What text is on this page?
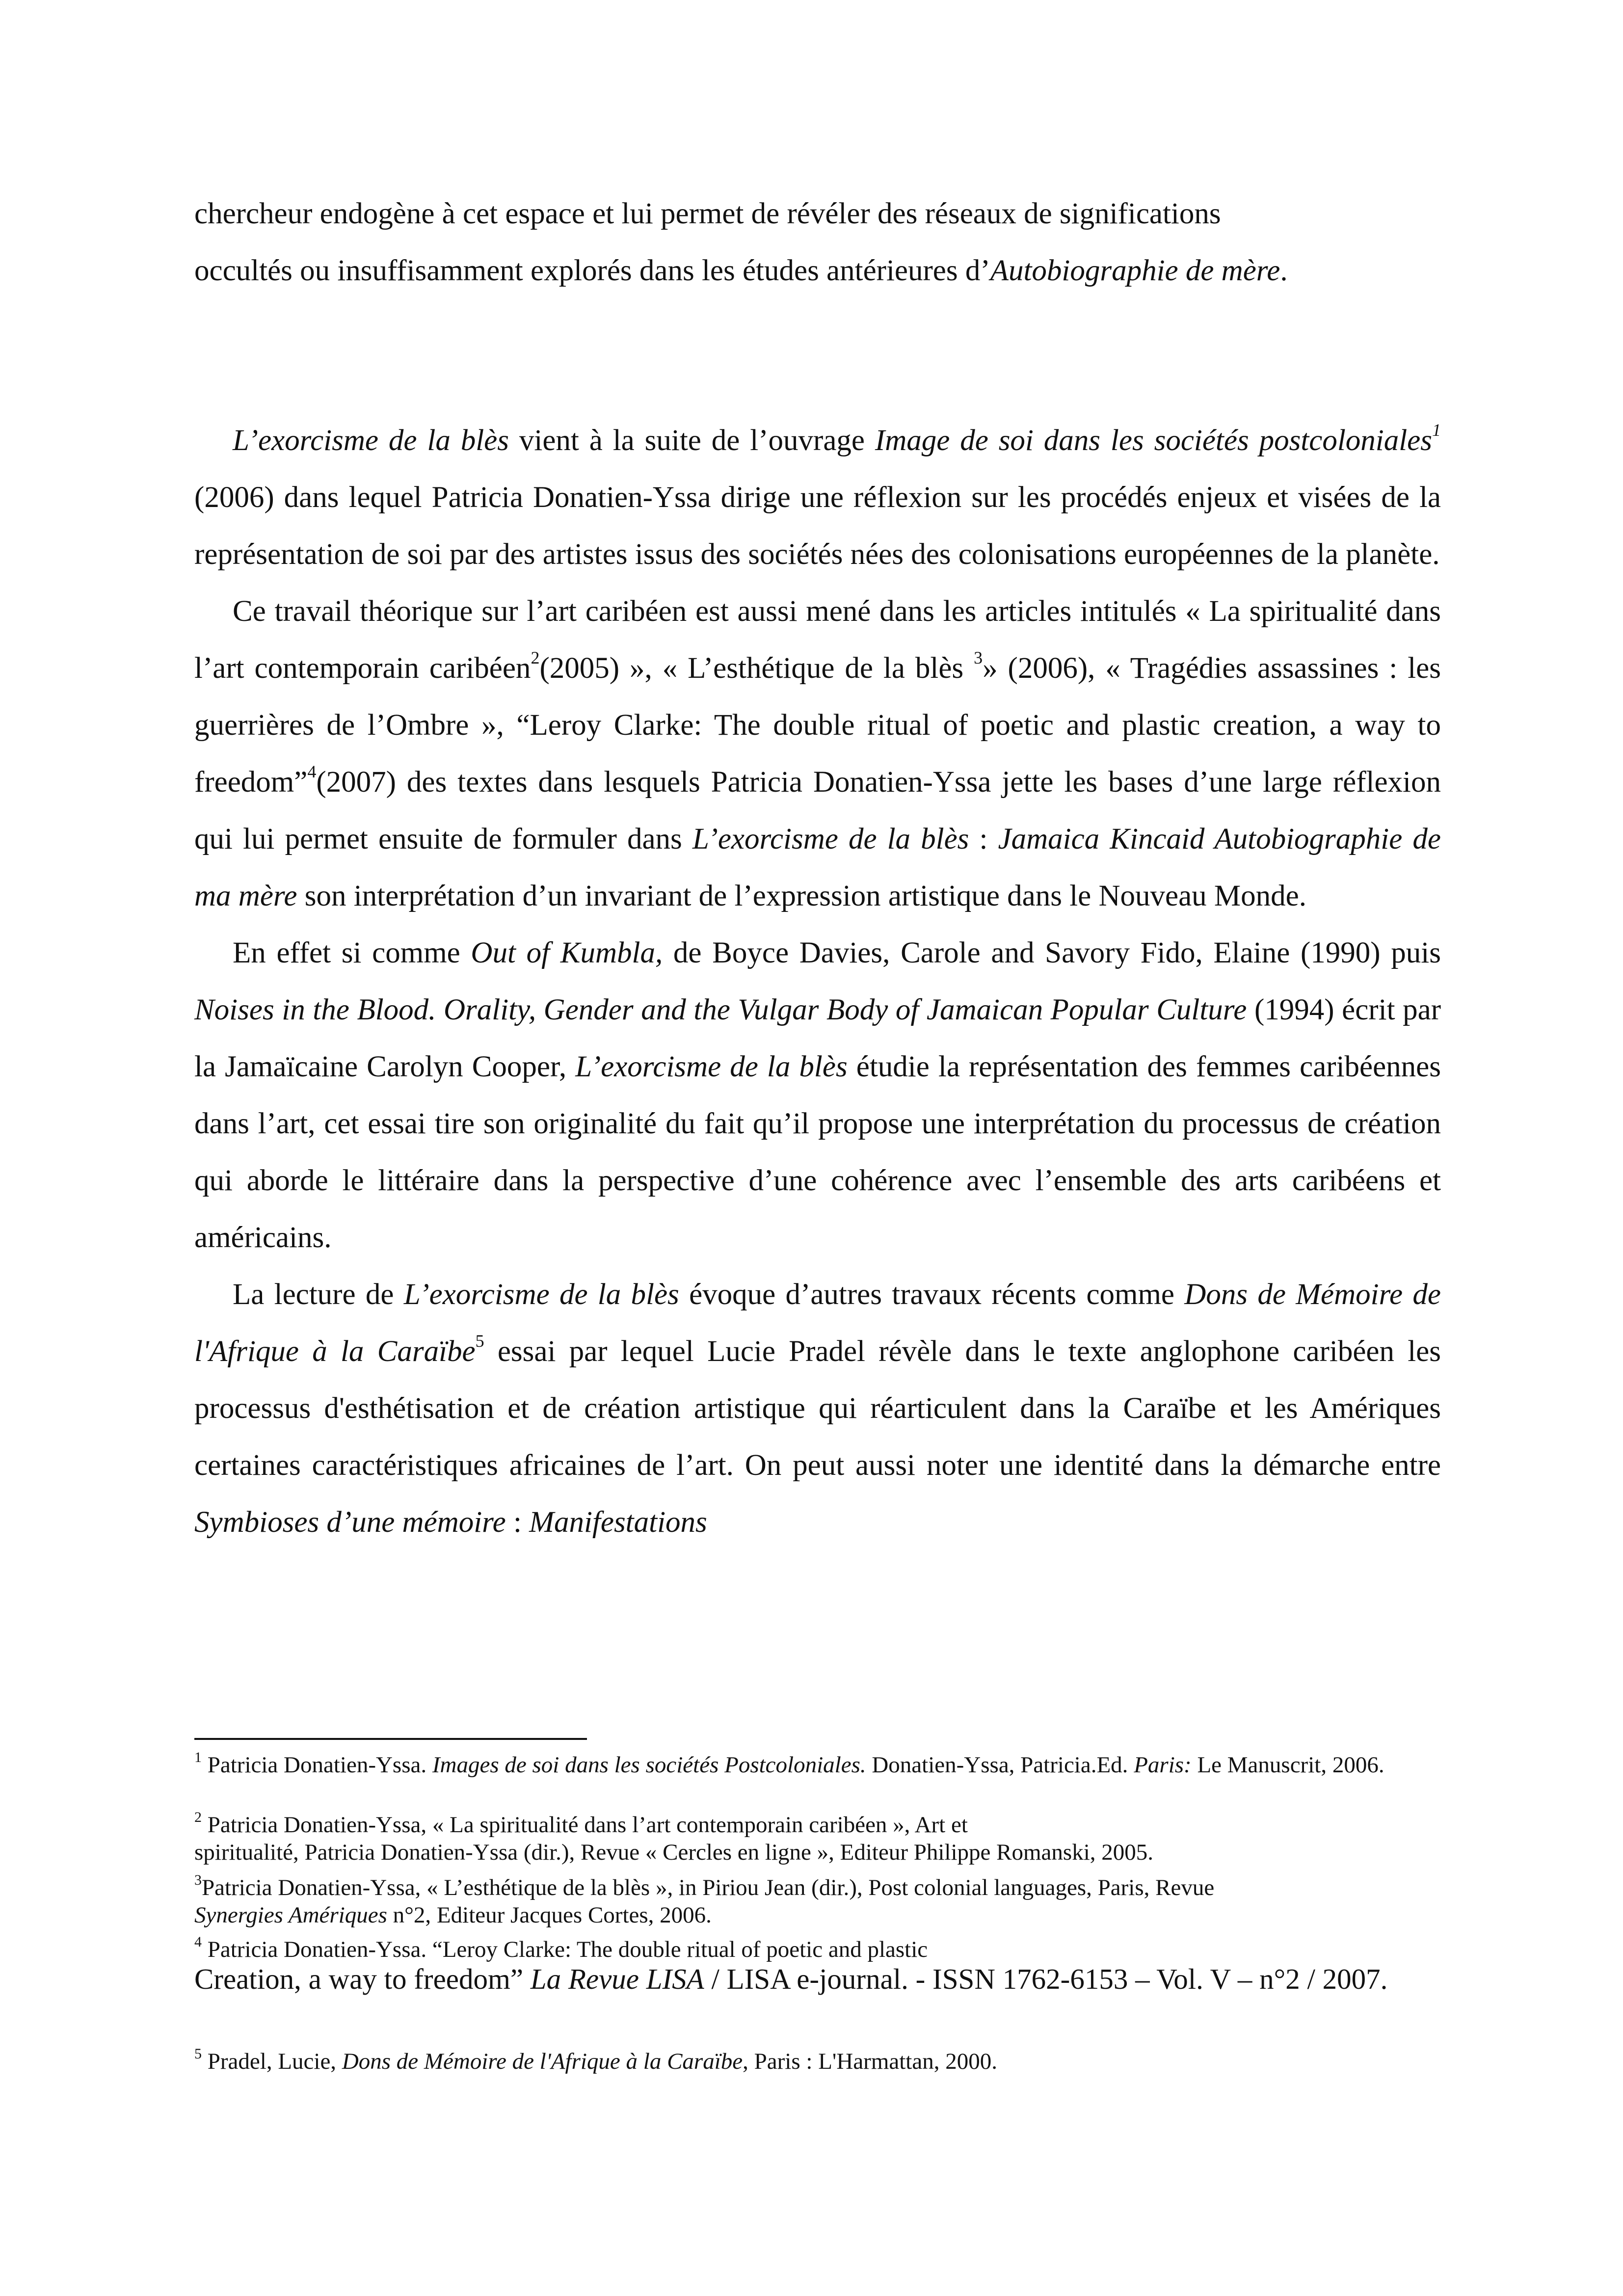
chercheur endogène à cet espace et lui permet de révéler des réseaux de significations
occultés ou insuffisamment explorés dans les études antérieures d’Autobiographie de mère.

L’exorcisme de la blès vient à la suite de l’ouvrage Image de soi dans les sociétés postcoloniales$^1$ (2006) dans lequel Patricia Donatien-Yssa dirige une réflexion sur les procédés enjeux et visées de la représentation de soi par des artistes issus des sociétés nées des colonisations européennes de la planète.

Ce travail théorique sur l’art caribéen est aussi mené dans les articles intitulés « La spiritualité dans l’art contemporain caribéen$^2$(2005) », « L’esthétique de la blès $^3$» (2006), « Tragédies assassines : les guerrières de l’Ombre », “Leroy Clarke: The double ritual of poetic and plastic creation, a way to freedom”$^4$(2007) des textes dans lesquels Patricia Donatien-Yssa jette les bases d’une large réflexion qui lui permet ensuite de formuler dans L’exorcisme de la blès : Jamaica Kincaid Autobiographie de ma mère son interprétation d’un invariant de l’expression artistique dans le Nouveau Monde.

En effet si comme Out of Kumbla, de Boyce Davies, Carole and Savory Fido, Elaine (1990) puis Noises in the Blood. Orality, Gender and the Vulgar Body of Jamaican Popular Culture (1994) écrit par la Jamaïcaine Carolyn Cooper, L’exorcisme de la blès étudie la représentation des femmes caribéennes dans l’art, cet essai tire son originalité du fait qu’il propose une interprétation du processus de création qui aborde le littéraire dans la perspective d’une cohérence avec l’ensemble des arts caribéens et américains.

La lecture de L’exorcisme de la blès évoque d’autres travaux récents comme Dons de Mémoire de l'Afrique à la Caraïbe$^5$ essai par lequel Lucie Pradel révèle dans le texte anglophone caribéen les processus d'esthétisation et de création artistique qui réarticulent dans la Caraïbe et les Amériques certaines caractéristiques africaines de l’art. On peut aussi noter une identité dans la démarche entre Symbioses d’une mémoire : Manifestations

$^1$ Patricia Donatien-Yssa. Images de soi dans les sociétés Postcoloniales. Donatien-Yssa, Patricia.Ed. Paris: Le Manuscrit, 2006.

$^2$ Patricia Donatien-Yssa, « La spiritualité dans l’art contemporain caribéen », Art et
spiritualité, Patricia Donatien-Yssa (dir.), Revue « Cercles en ligne », Editeur Philippe Romanski, 2005.

$^3$Patricia Donatien-Yssa, « L’esthétique de la blès », in Piriou Jean (dir.), Post colonial languages, Paris, Revue
Synergies Amériques n°2, Editeur Jacques Cortes, 2006.

$^4$ Patricia Donatien-Yssa. “Leroy Clarke: The double ritual of poetic and plastic

Creation, a way to freedom” La Revue LISA / LISA e-journal. - ISSN 1762-6153 – Vol. V – n°2 / 2007.

$^5$ Pradel, Lucie, Dons de Mémoire de l'Afrique à la Caraïbe, Paris : L'Harmattan, 2000.
